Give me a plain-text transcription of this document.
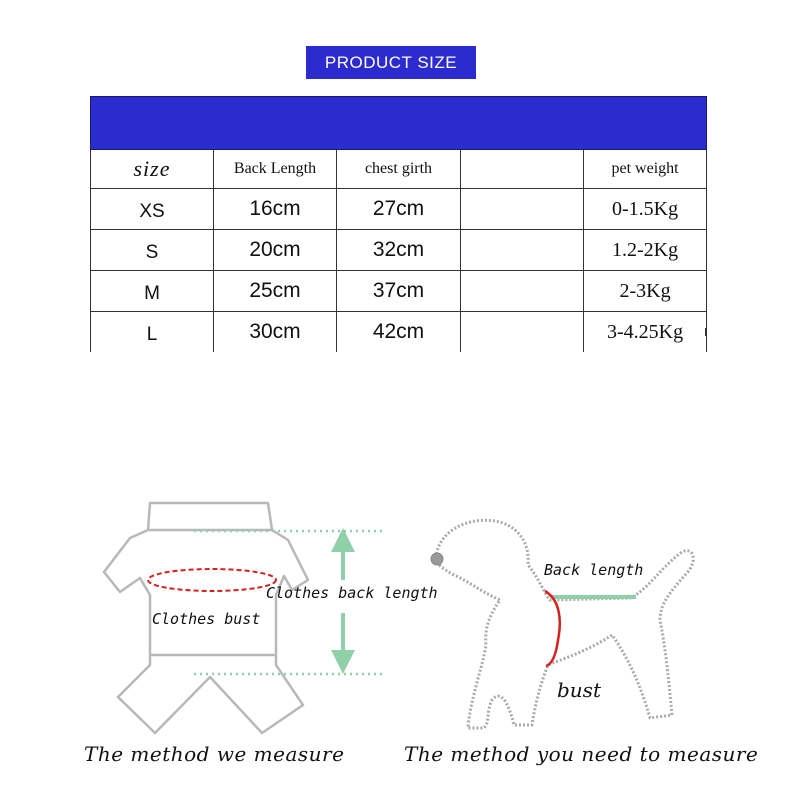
PRODUCT SIZE

size	Back Length	chest girth		pet weight
XS	16cm	27cm		0-1.5Kg
S	20cm	32cm		1.2-2Kg
M	25cm	37cm		2-3Kg
L	30cm	42cm		3-4.25Kg
Clothes back length
Clothes bust
Back length
bust
The method we measure	The method you need to measure
